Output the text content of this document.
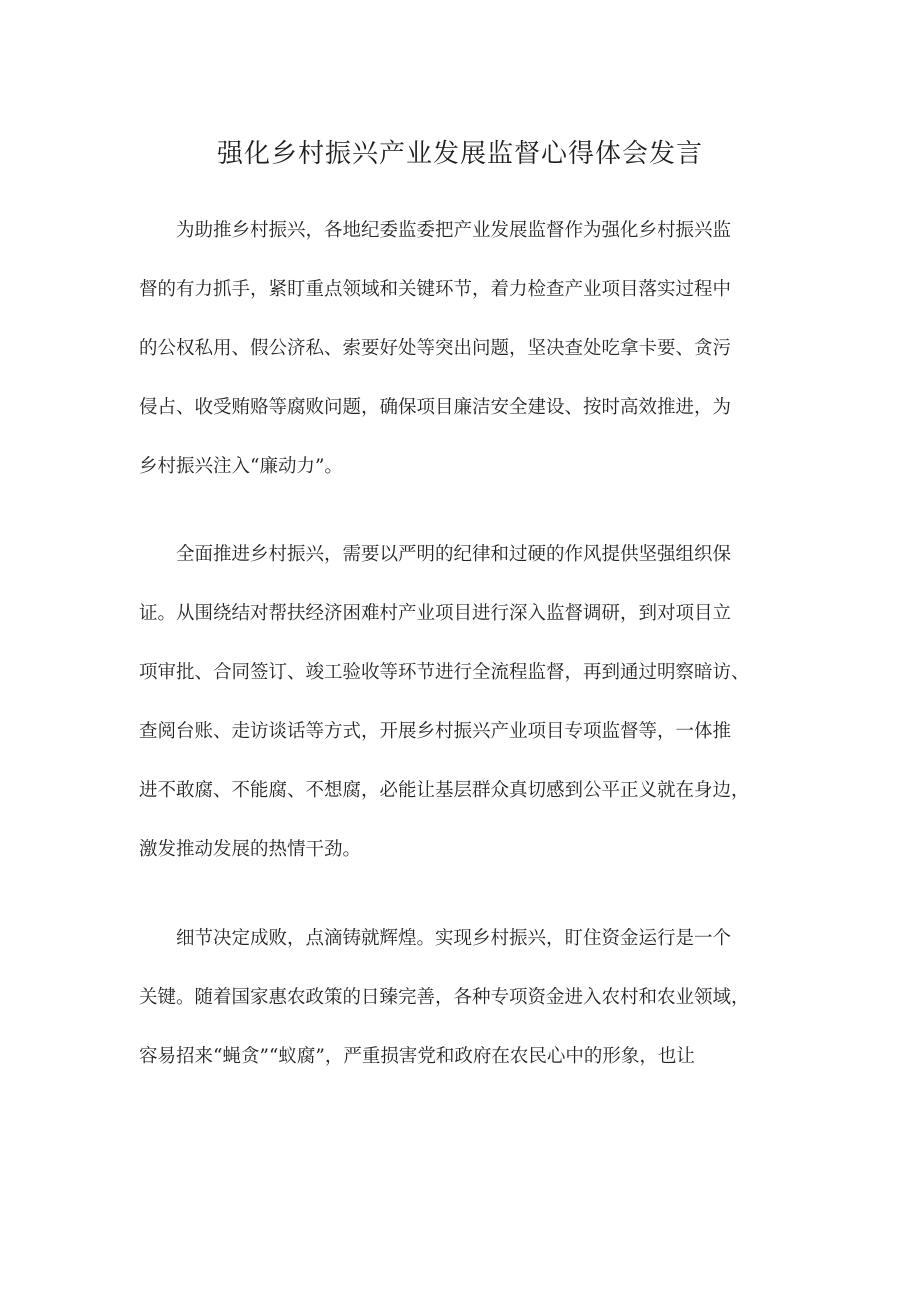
强化乡村振兴产业发展监督心得体会发言
为助推乡村振兴，各地纪委监委把产业发展监督作为强化乡村振兴监
督的有力抓手，紧盯重点领域和关键环节，着力检查产业项目落实过程中
的公权私用、假公济私、索要好处等突出问题，坚决查处吃拿卡要、贪污
侵占、收受贿赂等腐败问题，确保项目廉洁安全建设、按时高效推进，为
乡村振兴注入“廉动力”。
全面推进乡村振兴，需要以严明的纪律和过硬的作风提供坚强组织保
证。从围绕结对帮扶经济困难村产业项目进行深入监督调研，到对项目立
项审批、合同签订、竣工验收等环节进行全流程监督，再到通过明察暗访、
查阅台账、走访谈话等方式，开展乡村振兴产业项目专项监督等，一体推
进不敢腐、不能腐、不想腐，必能让基层群众真切感到公平正义就在身边，
激发推动发展的热情干劲。
细节决定成败，点滴铸就辉煌。实现乡村振兴，盯住资金运行是一个
关键。随着国家惠农政策的日臻完善，各种专项资金进入农村和农业领域，
容易招来“蝇贪”“蚁腐”，严重损害党和政府在农民心中的形象，也让
